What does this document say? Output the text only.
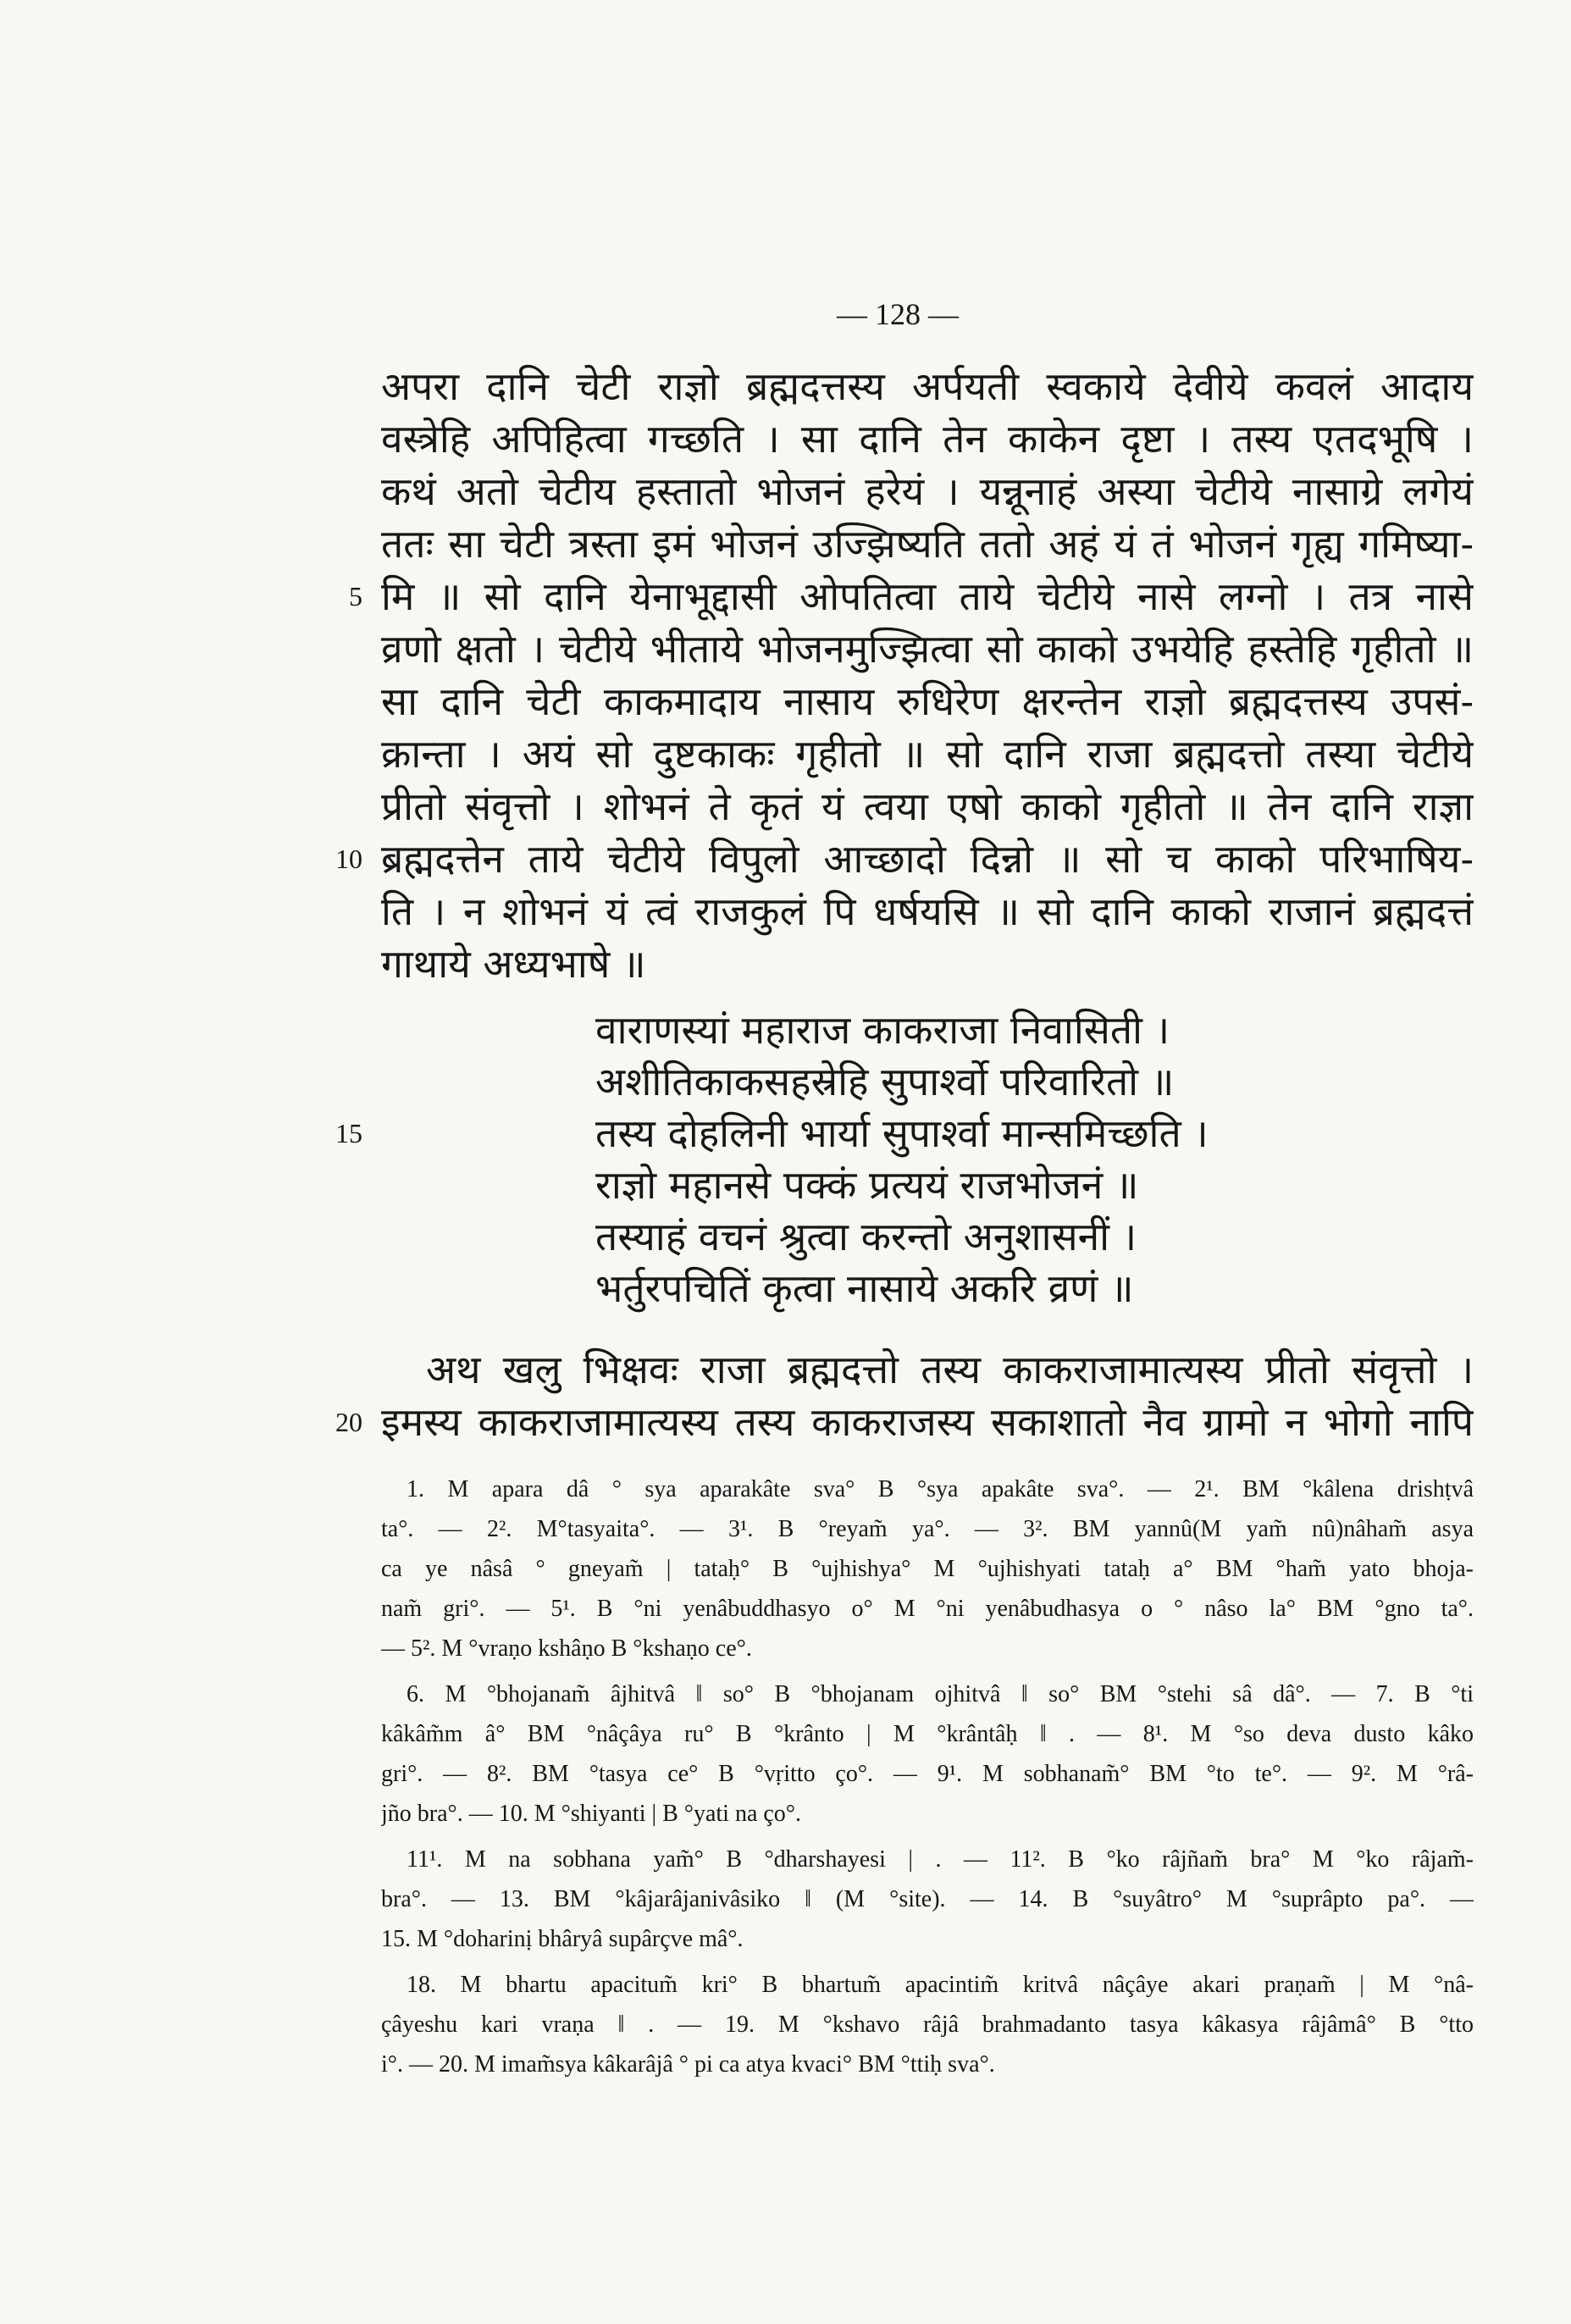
— 128 —
5
10
15
20
अपरा दानि चेटी राज्ञो ब्रह्मदत्तस्य अर्पयती स्वकाये देवीये कवलं आदाय
वस्त्रेहि अपिहित्वा गच्छति । सा दानि तेन काकेन दृष्टा । तस्य एतदभूषि ।
कथं अतो चेटीय हस्तातो भोजनं हरेयं । यन्नूनाहं अस्या चेटीये नासाग्रे लगेयं
ततः सा चेटी त्रस्ता इमं भोजनं उज्झिष्यति ततो अहं यं तं भोजनं गृह्य गमिष्या-
मि ॥ सो दानि येनाभूद्दासी ओपतित्वा ताये चेटीये नासे लग्नो । तत्र नासे
व्रणो क्षतो । चेटीये भीताये भोजनमुज्झित्वा सो काको उभयेहि हस्तेहि गृहीतो ॥
सा दानि चेटी काकमादाय नासाय रुधिरेण क्षरन्तेन राज्ञो ब्रह्मदत्तस्य उपसं-
क्रान्ता । अयं सो दुष्टकाकः गृहीतो ॥ सो दानि राजा ब्रह्मदत्तो तस्या चेटीये
प्रीतो संवृत्तो । शोभनं ते कृतं यं त्वया एषो काको गृहीतो ॥ तेन दानि राज्ञा
ब्रह्मदत्तेन ताये चेटीये विपुलो आच्छादो दिन्नो ॥ सो च काको परिभाषिय-
ति । न शोभनं यं त्वं राजकुलं पि धर्षयसि ॥ सो दानि काको राजानं ब्रह्मदत्तं
गाथाये अध्यभाषे ॥
वाराणस्यां महाराज काकराजा निवासिती ।
अशीतिकाकसहस्रेहि सुपार्श्वो परिवारितो ॥
तस्य दोहलिनी भार्या सुपार्श्वा मान्समिच्छति ।
राज्ञो महानसे पक्कं प्रत्ययं राजभोजनं ॥
तस्याहं वचनं श्रुत्वा करन्तो अनुशासनीं ।
भर्तुरपचितिं कृत्वा नासाये अकरि व्रणं ॥
अथ खलु भिक्षवः राजा ब्रह्मदत्तो तस्य काकराजामात्यस्य प्रीतो संवृत्तो ।
इमस्य काकराजामात्यस्य तस्य काकराजस्य सकाशातो नैव ग्रामो न भोगो नापि
1. M apara dâ ° sya aparakâte sva° B °sya apakâte sva°. — 2¹. BM °kâlena drishṭvâ
ta°. — 2². M°tasyaita°. — 3¹. B °reyam̃ ya°. — 3². BM yannû(M yam̃ nû)nâham̃ asya
ca ye nâsâ ° gneyam̃ | tataḥ° B °ujhishya° M °ujhishyati tataḥ a° BM °ham̃ yato bhoja-
nam̃ gri°. — 5¹. B °ni yenâbuddhasyo o° M °ni yenâbudhasya o ° nâso la° BM °gno ta°.
— 5². M °vraṇo kshâṇo B °kshaṇo ce°.
6. M °bhojanam̃ âjhitvâ ‖ so° B °bhojanam ojhitvâ ‖ so° BM °stehi sâ dâ°. — 7. B °ti
kâkâm̃m â° BM °nâçâya ru° B °krânto | M °krântâḥ ‖ . — 8¹. M °so deva dusto kâko
gri°. — 8². BM °tasya ce° B °vṛitto ço°. — 9¹. M sobhanam̃° BM °to te°. — 9². M °râ-
jño bra°. — 10. M °shiyanti | B °yati na ço°.
11¹. M na sobhana yam̃° B °dharshayesi | . — 11². B °ko râjñam̃ bra° M °ko râjam̃-
bra°. — 13. BM °kâjarâjanivâsiko ‖ (M °site). — 14. B °suyâtro° M °suprâpto pa°. —
15. M °doharinị bhâryâ supârçve mâ°.
18. M bhartu apacitum̃ kri° B bhartum̃ apacintim̃ kritvâ nâçâye akari praṇam̃ | M °nâ-
çâyeshu kari vraṇa ‖ . — 19. M °kshavo râjâ brahmadanto tasya kâkasya râjâmâ° B °tto
i°. — 20. M imam̃sya kâkarâjâ ° pi ca atya kvaci° BM °ttiḥ sva°.
